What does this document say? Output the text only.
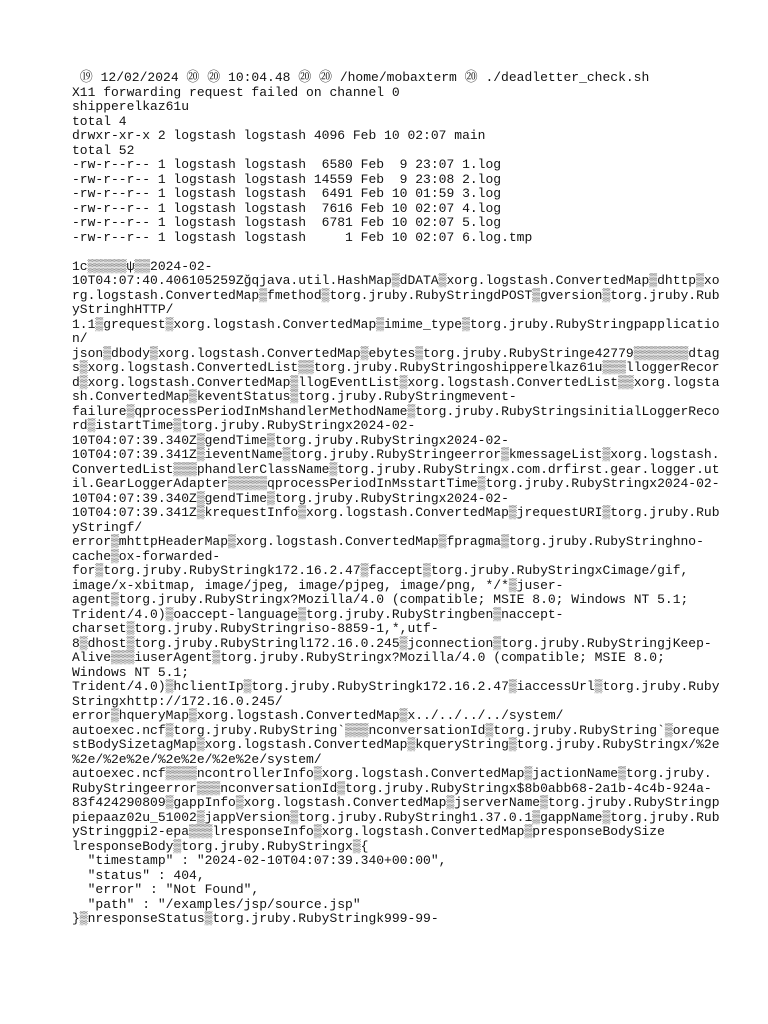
⑲ 12/02/2024 ⑳ ⑳ 10:04.48 ⑳ ⑳ /home/mobaxterm ⑳ ./deadletter_check.sh
X11 forwarding request failed on channel 0
shipperelkaz61u
total 4
drwxr-xr-x 2 logstash logstash 4096 Feb 10 02:07 main
total 52
-rw-r--r-- 1 logstash logstash  6580 Feb  9 23:07 1.log
-rw-r--r-- 1 logstash logstash 14559 Feb  9 23:08 2.log
-rw-r--r-- 1 logstash logstash  6491 Feb 10 01:59 3.log
-rw-r--r-- 1 logstash logstash  7616 Feb 10 02:07 4.log
-rw-r--r-- 1 logstash logstash  6781 Feb 10 02:07 5.log
-rw-r--r-- 1 logstash logstash     1 Feb 10 02:07 6.log.tmp
1c▒▒▒▒▒ψ▒▒2024-02-
10T04:07:40.406105259Zğqjava.util.HashMap▒dDATA▒xorg.logstash.ConvertedMap▒dhttp▒xo
rg.logstash.ConvertedMap▒fmethod▒torg.jruby.RubyStringdPOST▒gversion▒torg.jruby.Rub
yStringhHTTP/
1.1▒grequest▒xorg.logstash.ConvertedMap▒imime_type▒torg.jruby.RubyStringpapplicatio
n/
json▒dbody▒xorg.logstash.ConvertedMap▒ebytes▒torg.jruby.RubyStringe42779▒▒▒▒▒▒▒dtag
s▒xorg.logstash.ConvertedList▒▒torg.jruby.RubyStringoshipperelkaz61u▒▒▒lloggerRecor
d▒xorg.logstash.ConvertedMap▒llogEventList▒xorg.logstash.ConvertedList▒▒xorg.logsta
sh.ConvertedMap▒keventStatus▒torg.jruby.RubyStringmevent-
failure▒qprocessPeriodInMshandlerMethodName▒torg.jruby.RubyStringsinitialLoggerReco
rd▒istartTime▒torg.jruby.RubyStringx2024-02-
10T04:07:39.340Z▒gendTime▒torg.jruby.RubyStringx2024-02-
10T04:07:39.341Z▒ieventName▒torg.jruby.RubyStringeerror▒kmessageList▒xorg.logstash.
ConvertedList▒▒▒phandlerClassName▒torg.jruby.RubyStringx.com.drfirst.gear.logger.ut
il.GearLoggerAdapter▒▒▒▒▒qprocessPeriodInMsstartTime▒torg.jruby.RubyStringx2024-02-
10T04:07:39.340Z▒gendTime▒torg.jruby.RubyStringx2024-02-
10T04:07:39.341Z▒krequestInfo▒xorg.logstash.ConvertedMap▒jrequestURI▒torg.jruby.Rub
yStringf/
error▒mhttpHeaderMap▒xorg.logstash.ConvertedMap▒fpragma▒torg.jruby.RubyStringhno-
cache▒ox-forwarded-
for▒torg.jruby.RubyStringk172.16.2.47▒faccept▒torg.jruby.RubyStringxCimage/gif,
image/x-xbitmap, image/jpeg, image/pjpeg, image/png, */*▒juser-
agent▒torg.jruby.RubyStringx?Mozilla/4.0 (compatible; MSIE 8.0; Windows NT 5.1;
Trident/4.0)▒oaccept-language▒torg.jruby.RubyStringben▒naccept-
charset▒torg.jruby.RubyStringriso-8859-1,*,utf-
8▒dhost▒torg.jruby.RubyStringl172.16.0.245▒jconnection▒torg.jruby.RubyStringjKeep-
Alive▒▒▒iuserAgent▒torg.jruby.RubyStringx?Mozilla/4.0 (compatible; MSIE 8.0;
Windows NT 5.1;
Trident/4.0)▒hclientIp▒torg.jruby.RubyStringk172.16.2.47▒iaccessUrl▒torg.jruby.Ruby
Stringxhttp://172.16.0.245/
error▒hqueryMap▒xorg.logstash.ConvertedMap▒x../../../../system/
autoexec.ncf▒torg.jruby.RubyString`▒▒▒nconversationId▒torg.jruby.RubyString`▒oreque
stBodySizetagMap▒xorg.logstash.ConvertedMap▒kqueryString▒torg.jruby.RubyStringx/%2e
%2e/%2e%2e/%2e%2e/%2e%2e/system/
autoexec.ncf▒▒▒▒ncontrollerInfo▒xorg.logstash.ConvertedMap▒jactionName▒torg.jruby.
RubyStringeerror▒▒▒nconversationId▒torg.jruby.RubyStringx$8b0abb68-2a1b-4c4b-924a-
83f424290809▒gappInfo▒xorg.logstash.ConvertedMap▒jserverName▒torg.jruby.RubyStringp
piepaaz02u_51002▒jappVersion▒torg.jruby.RubyStringh1.37.0.1▒gappName▒torg.jruby.Rub
yStringgpi2-epa▒▒▒lresponseInfo▒xorg.logstash.ConvertedMap▒presponseBodySize
lresponseBody▒torg.jruby.RubyStringx▒{
"timestamp" : "2024-02-10T04:07:39.340+00:00",
"status" : 404,
"error" : "Not Found",
"path" : "/examples/jsp/source.jsp"
}▒nresponseStatus▒torg.jruby.RubyStringk999-99-
